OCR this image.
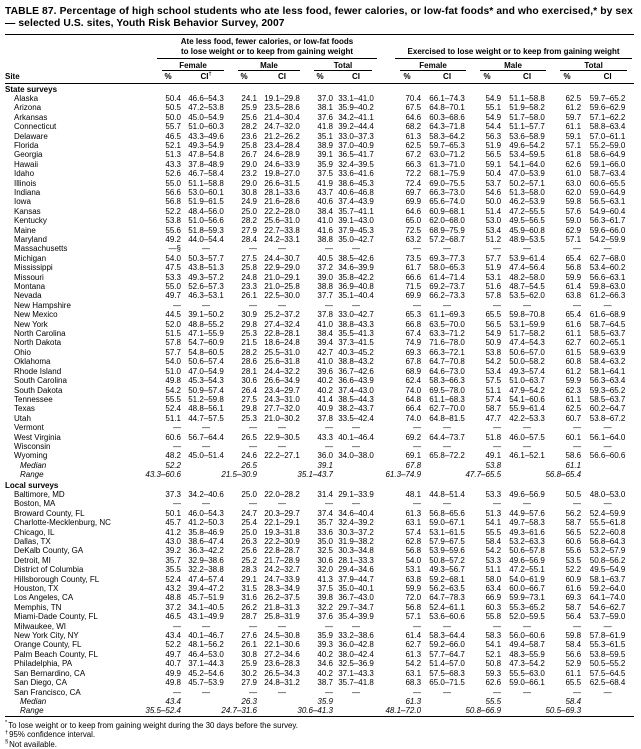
TABLE 87. Percentage of high school students who ate less food, fewer calories, or low-fat foods* and who exercised,* by sex — selected U.S. sites, Youth Risk Behavior Survey, 2007

	Ate less food, fewer calories, or low-fat foods
to lose weight or to keep from gaining weight							Exercised to lose weight or to keep from gaining weight					

	Female		Male		Total			Female		Male		Total	

Site	%	CI†	%	CI	%	CI		%	CI	%	CI	%	CI
State surveys													
Alaska	50.4	46.6–54.3	24.1	19.1–29.8	37.0	33.1–41.0		70.4	66.1–74.3	54.9	51.1–58.8	62.5	59.7–65.2
Arizona	50.5	47.2–53.8	25.9	23.5–28.6	38.1	35.9–40.2		67.5	64.8–70.1	55.1	51.9–58.2	61.2	59.6–62.9
Arkansas	50.0	45.0–54.9	25.6	21.4–30.4	37.6	34.2–41.1		64.6	60.3–68.6	54.9	51.7–58.0	59.7	57.1–62.2
Connecticut	55.7	51.0–60.3	28.2	24.7–32.0	41.8	39.2–44.4		68.2	64.3–71.8	54.4	51.1–57.7	61.1	58.8–63.4
Delaware	46.5	43.3–49.6	23.6	21.2–26.2	35.1	33.0–37.3		61.3	58.3–64.2	56.3	53.6–58.9	59.1	57.0–61.1
Florida	52.1	49.3–54.9	25.8	23.4–28.4	38.9	37.0–40.9		62.5	59.7–65.3	51.9	49.6–54.2	57.1	55.2–59.0
Georgia	51.3	47.8–54.8	26.7	24.6–28.9	39.1	36.5–41.7		67.2	63.0–71.2	56.5	53.4–59.5	61.8	58.6–64.9
Hawaii	43.3	37.8–48.9	29.0	24.6–33.9	35.9	32.4–39.5		66.3	61.3–71.0	59.1	54.1–64.0	62.6	59.1–66.0
Idaho	52.6	46.7–58.4	23.2	19.8–27.0	37.5	33.6–41.6		72.2	68.1–75.9	50.4	47.0–53.9	61.0	58.7–63.4
Illinois	55.0	51.1–58.8	29.0	26.6–31.5	41.9	38.6–45.3		72.4	69.0–75.5	53.7	50.2–57.1	63.0	60.6–65.5
Indiana	56.6	53.0–60.1	30.8	28.1–33.6	43.7	40.6–46.8		69.7	66.3–73.0	54.6	51.3–58.0	62.0	59.0–64.9
Iowa	56.8	51.9–61.5	24.9	21.6–28.6	40.6	37.4–43.9		69.9	65.6–74.0	50.0	46.2–53.9	59.8	56.5–63.1
Kansas	52.2	48.4–56.0	25.0	22.2–28.0	38.4	35.7–41.1		64.6	60.9–68.1	51.4	47.2–55.5	57.6	54.9–60.4
Kentucky	53.8	51.0–56.6	28.2	25.6–31.0	41.0	39.1–43.0		65.0	62.0–68.0	53.0	49.5–56.5	59.0	56.3–61.7
Maine	55.6	51.8–59.3	27.9	22.7–33.8	41.6	37.9–45.3		72.5	68.9–75.9	53.4	45.9–60.8	62.9	59.6–66.0
Maryland	49.2	44.0–54.4	28.4	24.2–33.1	38.8	35.0–42.7		63.2	57.2–68.7	51.2	48.9–53.5	57.1	54.2–59.9
Massachusetts	—§	—	—	—	—	—		—	—	—	—	—	—
Michigan	54.0	50.3–57.7	27.5	24.4–30.7	40.5	38.5–42.6		73.5	69.3–77.3	57.7	53.9–61.4	65.4	62.7–68.0
Mississippi	47.5	43.8–51.3	25.8	22.9–29.0	37.2	34.6–39.9		61.7	58.0–65.3	51.9	47.4–56.4	56.8	53.4–60.2
Missouri	53.3	49.3–57.2	24.8	21.0–29.1	39.0	35.8–42.2		66.6	61.4–71.4	53.1	48.2–58.0	59.9	56.6–63.1
Montana	55.0	52.6–57.3	23.3	21.0–25.8	38.8	36.9–40.8		71.5	69.2–73.7	51.6	48.7–54.5	61.4	59.8–63.0
Nevada	49.7	46.3–53.1	26.1	22.5–30.0	37.7	35.1–40.4		69.9	66.2–73.3	57.8	53.5–62.0	63.8	61.2–66.3
New Hampshire	—	—	—	—	—	—		—	—	—	—	—	—
New Mexico	44.5	39.1–50.2	30.9	25.2–37.2	37.8	33.0–42.7		65.3	61.1–69.3	65.5	59.8–70.8	65.4	61.6–68.9
New York	52.0	48.8–55.2	29.8	27.4–32.4	41.0	38.8–43.3		66.8	63.5–70.0	56.5	53.1–59.9	61.6	58.7–64.5
North Carolina	51.5	47.1–55.9	25.3	22.8–28.1	38.4	35.5–41.3		67.4	63.3–71.2	54.9	51.7–58.2	61.1	58.5–63.7
North Dakota	57.8	54.7–60.9	21.5	18.6–24.8	39.4	37.3–41.5		74.9	71.6–78.0	50.9	47.4–54.3	62.7	60.2–65.1
Ohio	57.7	54.8–60.5	28.2	25.5–31.0	42.7	40.3–45.2		69.3	66.3–72.1	53.8	50.6–57.0	61.5	58.9–63.9
Oklahoma	54.0	50.6–57.4	28.6	25.6–31.8	41.0	38.8–43.2		67.8	64.7–70.8	54.2	50.0–58.2	60.8	58.4–63.2
Rhode Island	51.0	47.0–54.9	28.1	24.4–32.2	39.6	36.7–42.6		68.9	64.6–73.0	53.4	49.3–57.4	61.2	58.1–64.1
South Carolina	49.8	45.3–54.3	30.6	26.6–34.9	40.2	36.6–43.9		62.4	58.3–66.3	57.5	51.0–63.7	59.9	56.3–63.4
South Dakota	54.2	50.9–57.4	26.4	23.4–29.7	40.2	37.4–43.0		74.0	69.5–78.0	51.1	47.9–54.2	62.3	59.3–65.2
Tennessee	55.5	51.2–59.8	27.5	24.3–31.0	41.4	38.5–44.3		64.8	61.1–68.3	57.4	54.1–60.6	61.1	58.5–63.7
Texas	52.4	48.8–56.1	29.8	27.7–32.0	40.9	38.2–43.7		66.4	62.7–70.0	58.7	55.9–61.4	62.5	60.2–64.7
Utah	51.1	44.7–57.5	25.3	21.0–30.2	37.8	33.5–42.4		74.0	64.8–81.5	47.7	42.2–53.3	60.7	53.8–67.2
Vermont	—	—	—	—	—	—		—	—	—	—	—	—
West Virginia	60.6	56.7–64.4	26.5	22.9–30.5	43.3	40.1–46.4		69.2	64.4–73.7	51.8	46.0–57.5	60.1	56.1–64.0
Wisconsin	—	—	—	—	—	—		—	—	—	—	—	—
Wyoming	48.2	45.0–51.4	24.6	22.2–27.1	36.0	34.0–38.0		69.1	65.8–72.2	49.1	46.1–52.1	58.6	56.6–60.6
Median	52.2		26.5		39.1			67.8		53.8		61.1	
Range	43.3–60.6		21.5–30.9		35.1–43.7			61.3–74.9		47.7–65.5		56.8–65.4	

Local surveys													
Baltimore, MD	37.3	34.2–40.6	25.0	22.0–28.2	31.4	29.1–33.9		48.1	44.8–51.4	53.3	49.6–56.9	50.5	48.0–53.0
Boston, MA	—	—	—	—	—	—		—	—	—	—	—	—
Broward County, FL	50.1	46.0–54.3	24.7	20.3–29.7	37.4	34.6–40.4		61.3	56.8–65.6	51.3	44.9–57.6	56.2	52.4–59.9
Charlotte-Mecklenburg, NC	45.7	41.2–50.3	25.4	22.1–29.1	35.7	32.4–39.2		63.1	59.0–67.1	54.1	49.7–58.3	58.7	55.5–61.8
Chicago, IL	41.2	35.8–46.9	25.0	19.3–31.8	33.6	30.3–37.2		57.4	53.1–61.5	55.5	49.3–61.6	56.5	52.2–60.8
Dallas, TX	43.0	38.6–47.4	26.3	22.2–30.9	35.0	31.9–38.2		62.8	57.9–67.5	58.4	53.2–63.3	60.6	56.8–64.3
DeKalb County, GA	39.2	36.3–42.2	25.6	22.8–28.7	32.5	30.3–34.8		56.8	53.9–59.6	54.2	50.6–57.8	55.6	53.2–57.9
Detroit, MI	35.7	32.9–38.6	25.2	21.7–28.9	30.6	28.1–33.3		54.0	50.8–57.2	53.3	49.6–56.9	53.5	50.8–56.2
District of Columbia	35.5	32.2–38.8	28.3	24.2–32.7	32.0	29.4–34.6		53.1	49.3–56.7	51.1	47.2–55.1	52.2	49.5–54.9
Hillsborough County, FL	52.4	47.4–57.4	29.1	24.7–33.9	41.3	37.9–44.7		63.8	59.2–68.1	58.0	54.0–61.9	60.9	58.1–63.7
Houston, TX	43.2	39.4–47.2	31.5	28.3–34.9	37.5	35.0–40.1		59.9	56.2–63.5	63.4	60.0–66.7	61.6	59.2–64.0
Los Angeles, CA	48.8	45.7–51.9	31.6	26.2–37.5	39.8	36.7–43.0		72.0	64.7–78.3	66.9	59.9–73.1	69.3	64.1–74.0
Memphis, TN	37.2	34.1–40.5	26.2	21.8–31.3	32.2	29.7–34.7		56.8	52.4–61.1	60.3	55.3–65.2	58.7	54.6–62.7
Miami-Dade County, FL	46.5	43.1–49.9	28.7	25.8–31.9	37.6	35.4–39.9		57.1	53.6–60.6	55.8	52.0–59.5	56.4	53.7–59.0
Milwaukee, WI	—	—	—	—	—	—		—	—	—	—	—	—
New York City, NY	43.4	40.1–46.7	27.6	24.5–30.8	35.9	33.2–38.6		61.4	58.3–64.4	58.3	56.0–60.6	59.8	57.8–61.9
Orange County, FL	52.2	48.1–56.2	26.1	22.1–30.6	39.3	36.0–42.8		62.7	59.2–66.0	54.1	49.4–58.7	58.4	55.3–61.5
Palm Beach County, FL	49.7	46.4–53.0	30.8	27.2–34.6	40.2	38.0–42.4		61.3	57.7–64.7	52.1	48.3–55.9	56.6	53.8–59.5
Philadelphia, PA	40.7	37.1–44.3	25.9	23.6–28.3	34.6	32.5–36.9		54.2	51.4–57.0	50.8	47.3–54.2	52.9	50.5–55.2
San Bernardino, CA	49.9	45.2–54.6	30.2	26.5–34.3	40.2	37.1–43.3		63.1	57.5–68.3	59.3	55.5–63.0	61.1	57.5–64.5
San Diego, CA	49.8	45.7–53.9	27.9	24.8–31.2	38.7	35.7–41.8		68.3	65.0–71.5	62.6	59.0–66.1	65.5	62.5–68.4
San Francisco, CA	—	—	—	—	—	—		—	—	—	—	—	—
Median	43.4		26.3		35.9			61.3		55.5		58.4	
Range	35.5–52.4		24.7–31.6		30.6–41.3			48.1–72.0		50.8–66.9		50.5–69.3	

*To lose weight or to keep from gaining weight during the 30 days before the survey.
†95% confidence interval.
§Not available.
